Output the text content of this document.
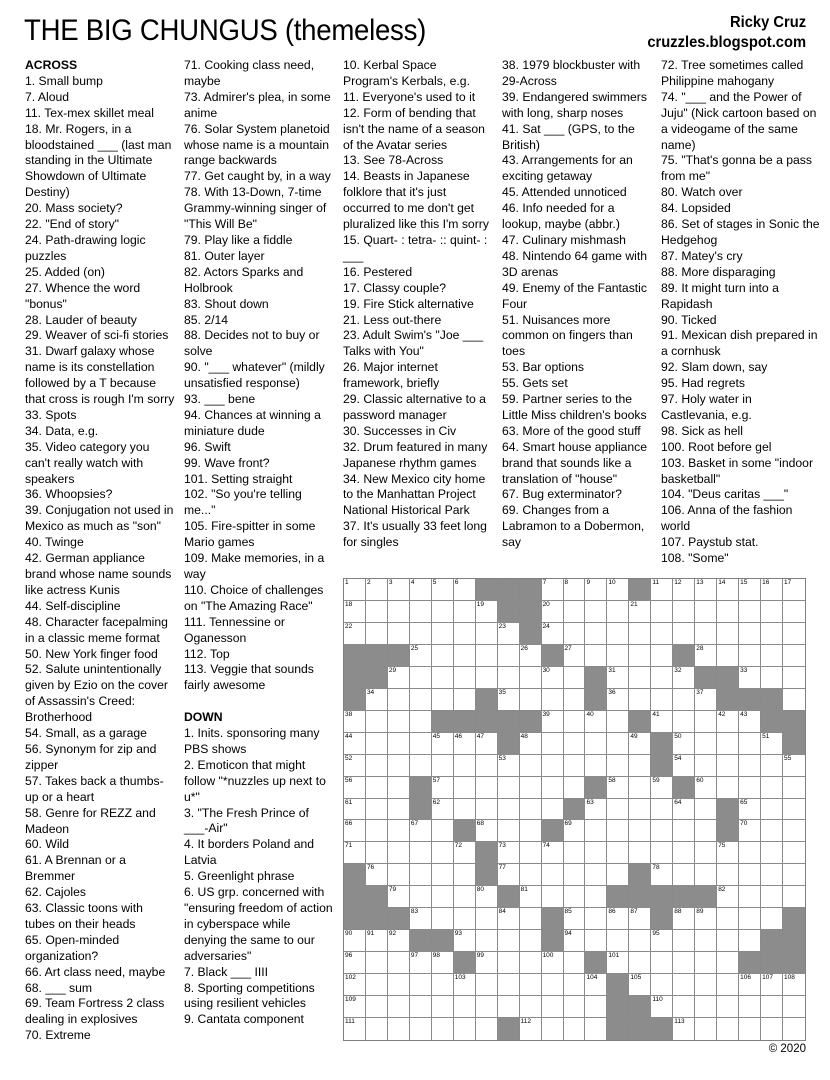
THE BIG CHUNGUS (themeless)	Ricky Cruz
cruzzles.blogspot.com
ACROSS
1. Small bump
7. Aloud
11. Tex-mex skillet meal
18. Mr. Rogers, in a bloodstained ___ (last man standing in the Ultimate Showdown of Ultimate Destiny)
20. Mass society?
22. "End of story"
24. Path-drawing logic puzzles
25. Added (on)
27. Whence the word "bonus"
28. Lauder of beauty
29. Weaver of sci-fi stories
31. Dwarf galaxy whose name is its constellation followed by a T because that cross is rough I'm sorry
33. Spots
34. Data, e.g.
35. Video category you can't really watch with speakers
36. Whoopsies?
39. Conjugation not used in Mexico as much as "son"
40. Twinge
42. German appliance brand whose name sounds like actress Kunis
44. Self-discipline
48. Character facepalming in a classic meme format
50. New York finger food
52. Salute unintentionally given by Ezio on the cover of Assassin's Creed: Brotherhood
54. Small, as a garage
56. Synonym for zip and zipper
57. Takes back a thumbs-up or a heart
58. Genre for REZZ and Madeon
60. Wild
61. A Brennan or a Bremmer
62. Cajoles
63. Classic toons with tubes on their heads
65. Open-minded organization?
66. Art class need, maybe
68. ___ sum
69. Team Fortress 2 class dealing in explosives
70. Extreme
71. Cooking class need, maybe
73. Admirer's plea, in some anime
76. Solar System planetoid whose name is a mountain range backwards
77. Get caught by, in a way
78. With 13-Down, 7-time Grammy-winning singer of "This Will Be"
79. Play like a fiddle
81. Outer layer
82. Actors Sparks and Holbrook
83. Shout down
85. 2/14
88. Decides not to buy or solve
90. "___ whatever" (mildly unsatisfied response)
93. ___ bene
94. Chances at winning a miniature dude
96. Swift
99. Wave front?
101. Setting straight
102. "So you're telling me..."
105. Fire-spitter in some Mario games
109. Make memories, in a way
110. Choice of challenges on "The Amazing Race"
111. Tennessine or Oganesson
112. Top
113. Veggie that sounds fairly awesome
DOWN
1. Inits. sponsoring many PBS shows
2. Emoticon that might follow "*nuzzles up next to u*"
3. "The Fresh Prince of ___-Air"
4. It borders Poland and Latvia
5. Greenlight phrase
6. US grp. concerned with "ensuring freedom of action in cyberspace while denying the same to our adversaries"
7. Black ___ IIII
8. Sporting competitions using resilient vehicles
9. Cantata component
10. Kerbal Space Program's Kerbals, e.g.
11. Everyone's used to it
12. Form of bending that isn't the name of a season of the Avatar series
13. See 78-Across
14. Beasts in Japanese folklore that it's just occurred to me don't get pluralized like this I'm sorry
15. Quart- : tetra- :: quint- : ___
16. Pestered
17. Classy couple?
19. Fire Stick alternative
21. Less out-there
23. Adult Swim's "Joe ___ Talks with You"
26. Major internet framework, briefly
29. Classic alternative to a password manager
30. Successes in Civ
32. Drum featured in many Japanese rhythm games
34. New Mexico city home to the Manhattan Project National Historical Park
37. It's usually 33 feet long for singles
38. 1979 blockbuster with 29-Across
39. Endangered swimmers with long, sharp noses
41. Sat ___ (GPS, to the British)
43. Arrangements for an exciting getaway
45. Attended unnoticed
46. Info needed for a lookup, maybe (abbr.)
47. Culinary mishmash
48. Nintendo 64 game with 3D arenas
49. Enemy of the Fantastic Four
51. Nuisances more common on fingers than toes
53. Bar options
55. Gets set
59. Partner series to the Little Miss children's books
63. More of the good stuff
64. Smart house appliance brand that sounds like a translation of "house"
67. Bug exterminator?
69. Changes from a Labramon to a Dobermon, say
72. Tree sometimes called Philippine mahogany
74. "___ and the Power of Juju" (Nick cartoon based on a videogame of the same name)
75. "That's gonna be a pass from me"
80. Watch over
84. Lopsided
86. Set of stages in Sonic the Hedgehog
87. Matey's cry
88. More disparaging
89. It might turn into a Rapidash
90. Ticked
91. Mexican dish prepared in a cornhusk
92. Slam down, say
95. Had regrets
97. Holy water in Castlevania, e.g.
98. Sick as hell
100. Root before gel
103. Basket in some "indoor basketball"
104. "Deus caritas ___"
106. Anna of the fashion world
107. Paystub stat.
108. "Some"
1	2	3	4	5	6	7	8	9	10	11 12 13 14 15 16 17
18	19	20	21
22	23	24
25	26	27	28
29	30	31	32	33
34	35	36	37
38	39	40	41	42 43
44	45 46 47	48	49	50	51
52	53	54	55
56	57	58	59	60
61	62	63	64	65
66	67	68	69	70
71	72	73	74	75
76	77	78
79	80	81	82
83	84	85	86 87	88 89
90 91 92	93	94	95
96	97 98	99	100	101
102	103	104	105	106 107 108
109	110
111	112	113
© 2020
